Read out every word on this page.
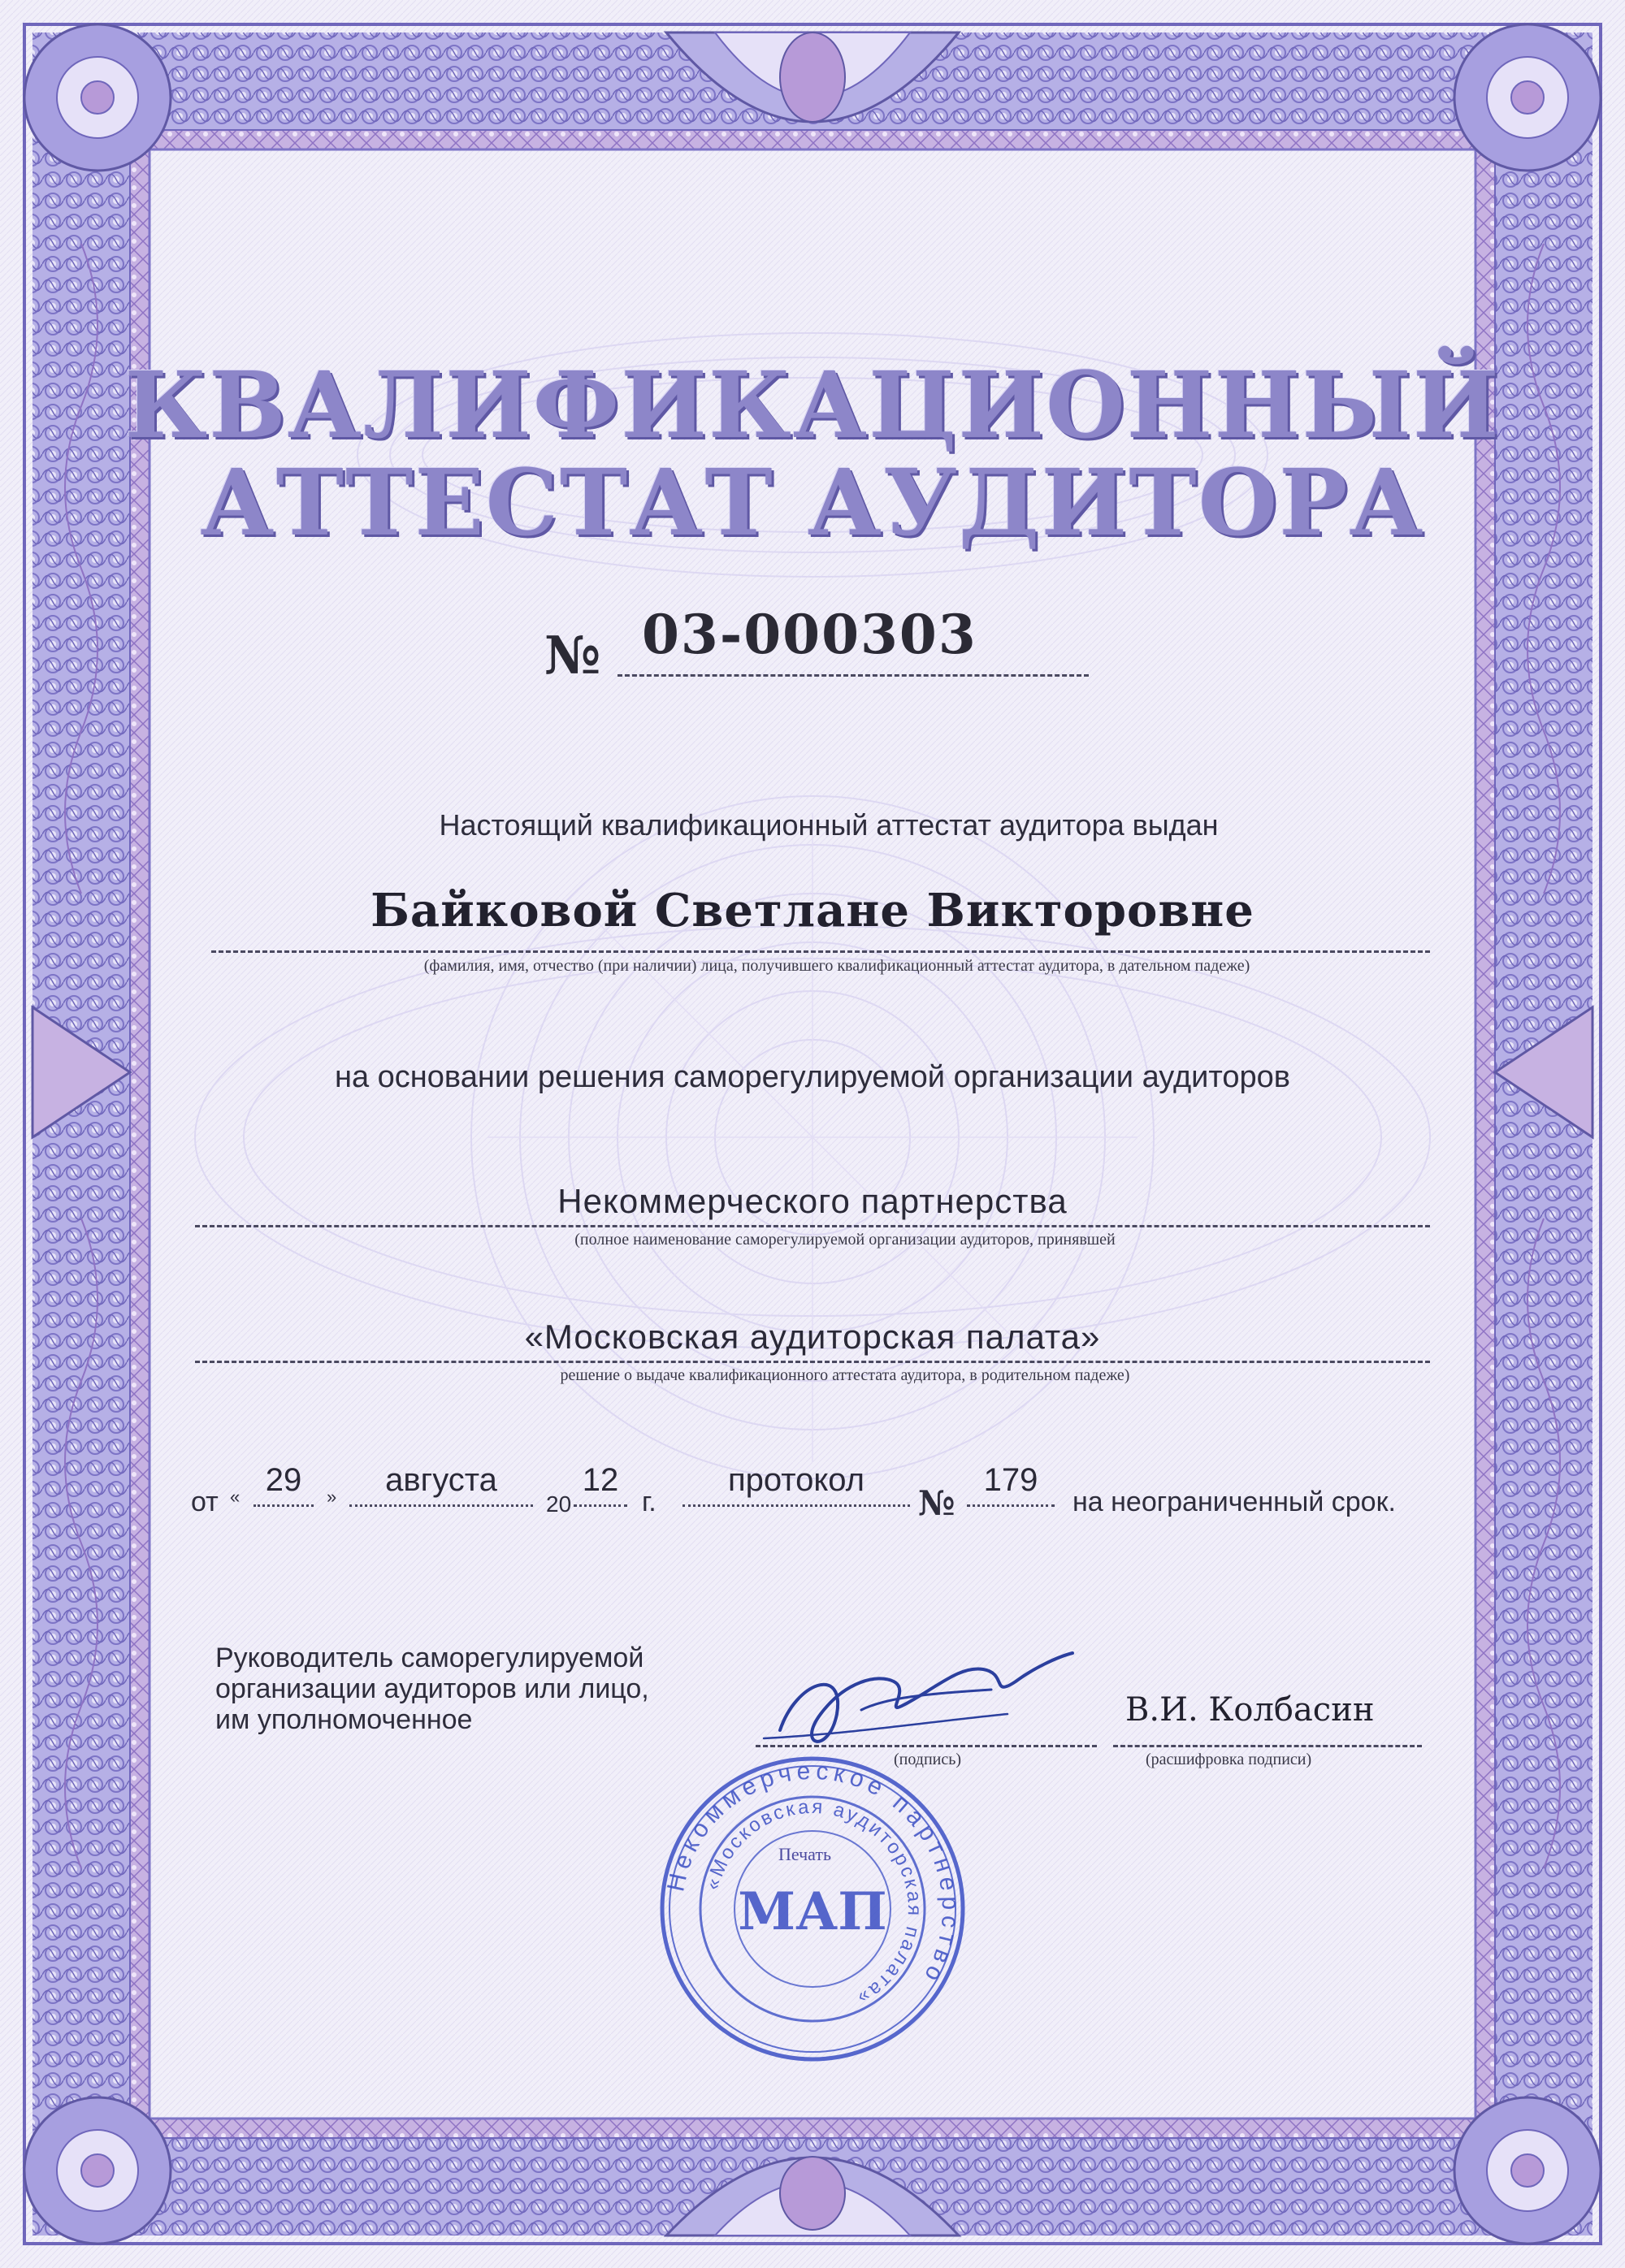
КВАЛИФИКАЦИОННЫЙ
АТТЕСТАТ АУДИТОРА
№ 03-000303
Настоящий квалификационный аттестат аудитора выдан
Байковой Светлане Викторовне
(фамилия, имя, отчество (при наличии) лица, получившего квалификационный аттестат аудитора, в дательном падеже)
на основании решения саморегулируемой организации аудиторов
Некоммерческого партнерства
(полное наименование саморегулируемой организации аудиторов, принявшей
«Московская аудиторская палата»
решение о выдаче квалификационного аттестата аудитора, в родительном падеже)
от « 29	»	августа
20
12
г.
протокол
№
179
на неограниченный срок.
Руководитель саморегулируемой
организации аудиторов или лицо,
им уполномоченное
(подпись)
В.И. Колбасин
(расшифровка подписи)
Печать
Некоммерческое партнерство
«Московская аудиторская палата»
МАП
